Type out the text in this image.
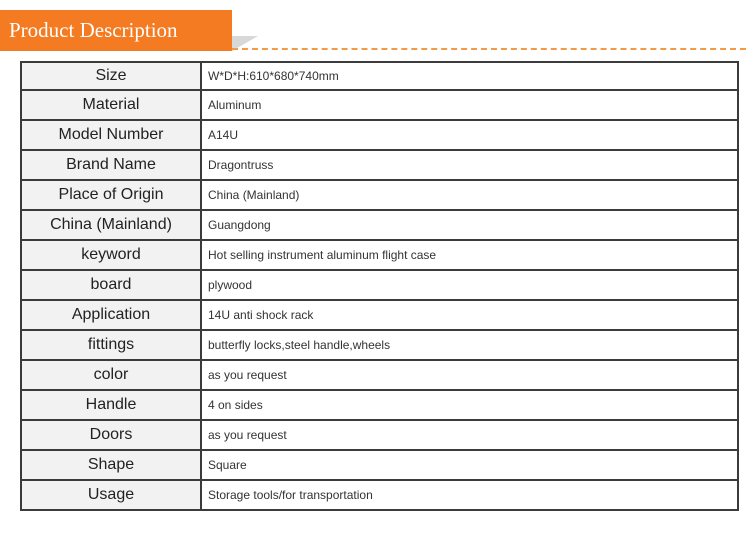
Product Description
Size	W*D*H:610*680*740mm
Material	Aluminum
Model Number	A14U
Brand Name	Dragontruss
Place of Origin	China (Mainland)
China (Mainland)	Guangdong
keyword	Hot selling instrument aluminum flight case
board	plywood
Application	14U anti shock rack
fittings	butterfly locks,steel handle,wheels
color	as you request
Handle	4 on sides
Doors	as you request
Shape	Square
Usage	Storage tools/for transportation
